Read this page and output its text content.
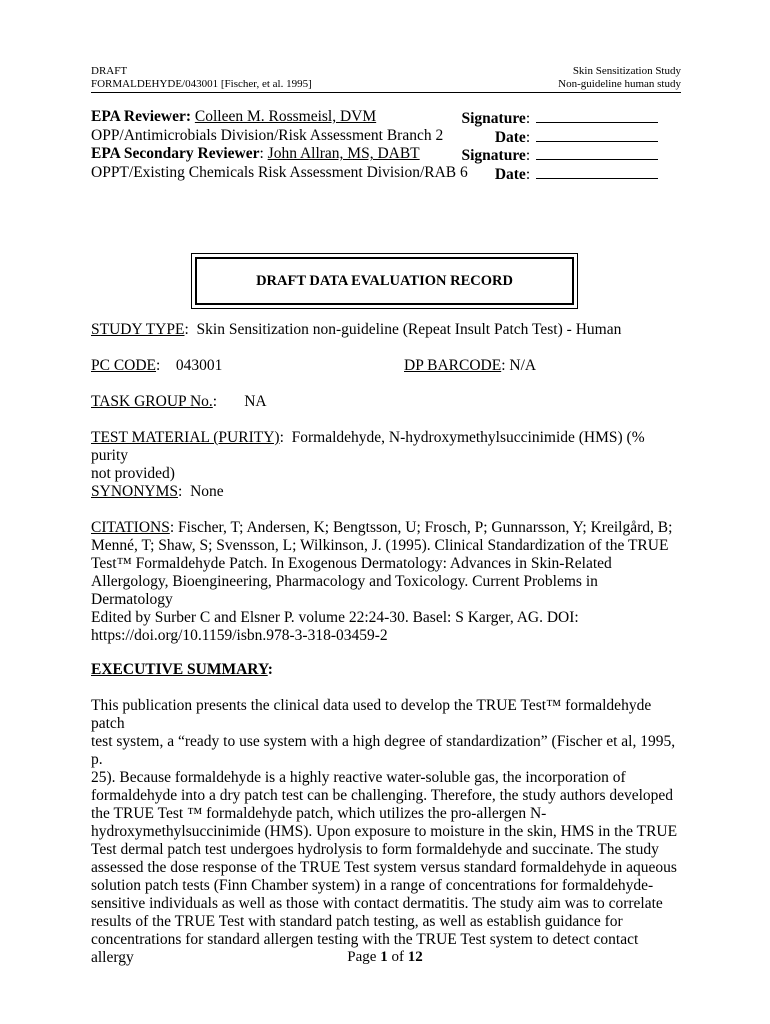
DRAFT
FORMALDEHYDE/043001 [Fischer, et al. 1995]
Skin Sensitization Study
Non-guideline human study
EPA Reviewer: Colleen M. Rossmeisl, DVM	Signature:
OPP/Antimicrobials Division/Risk Assessment Branch 2	Date:
EPA Secondary Reviewer: John Allran, MS, DABT	Signature:
OPPT/Existing Chemicals Risk Assessment Division/RAB 6 Date:
DRAFT DATA EVALUATION RECORD
STUDY TYPE:  Skin Sensitization non-guideline (Repeat Insult Patch Test) - Human
PC CODE:    043001	DP BARCODE: N/A
TASK GROUP No.:       NA
TEST MATERIAL (PURITY):  Formaldehyde, N-hydroxymethylsuccinimide (HMS) (% purity
not provided)
SYNONYMS:  None
CITATIONS: Fischer, T; Andersen, K; Bengtsson, U; Frosch, P; Gunnarsson, Y; Kreilgård, B;
Menné, T; Shaw, S; Svensson, L; Wilkinson, J. (1995). Clinical Standardization of the TRUE
Test™ Formaldehyde Patch. In Exogenous Dermatology: Advances in Skin-Related
Allergology, Bioengineering, Pharmacology and Toxicology. Current Problems in Dermatology
Edited by Surber C and Elsner P. volume 22:24-30. Basel: S Karger, AG. DOI:
https://doi.org/10.1159/isbn.978-3-318-03459-2
EXECUTIVE SUMMARY:
This publication presents the clinical data used to develop the TRUE Test™ formaldehyde patch
test system, a “ready to use system with a high degree of standardization” (Fischer et al, 1995, p.
25). Because formaldehyde is a highly reactive water-soluble gas, the incorporation of
formaldehyde into a dry patch test can be challenging. Therefore, the study authors developed
the TRUE Test ™ formaldehyde patch, which utilizes the pro-allergen N-
hydroxymethylsuccinimide (HMS). Upon exposure to moisture in the skin, HMS in the TRUE
Test dermal patch test undergoes hydrolysis to form formaldehyde and succinate. The study
assessed the dose response of the TRUE Test system versus standard formaldehyde in aqueous
solution patch tests (Finn Chamber system) in a range of concentrations for formaldehyde-
sensitive individuals as well as those with contact dermatitis. The study aim was to correlate
results of the TRUE Test with standard patch testing, as well as establish guidance for
concentrations for standard allergen testing with the TRUE Test system to detect contact allergy	Page 1 of 12
